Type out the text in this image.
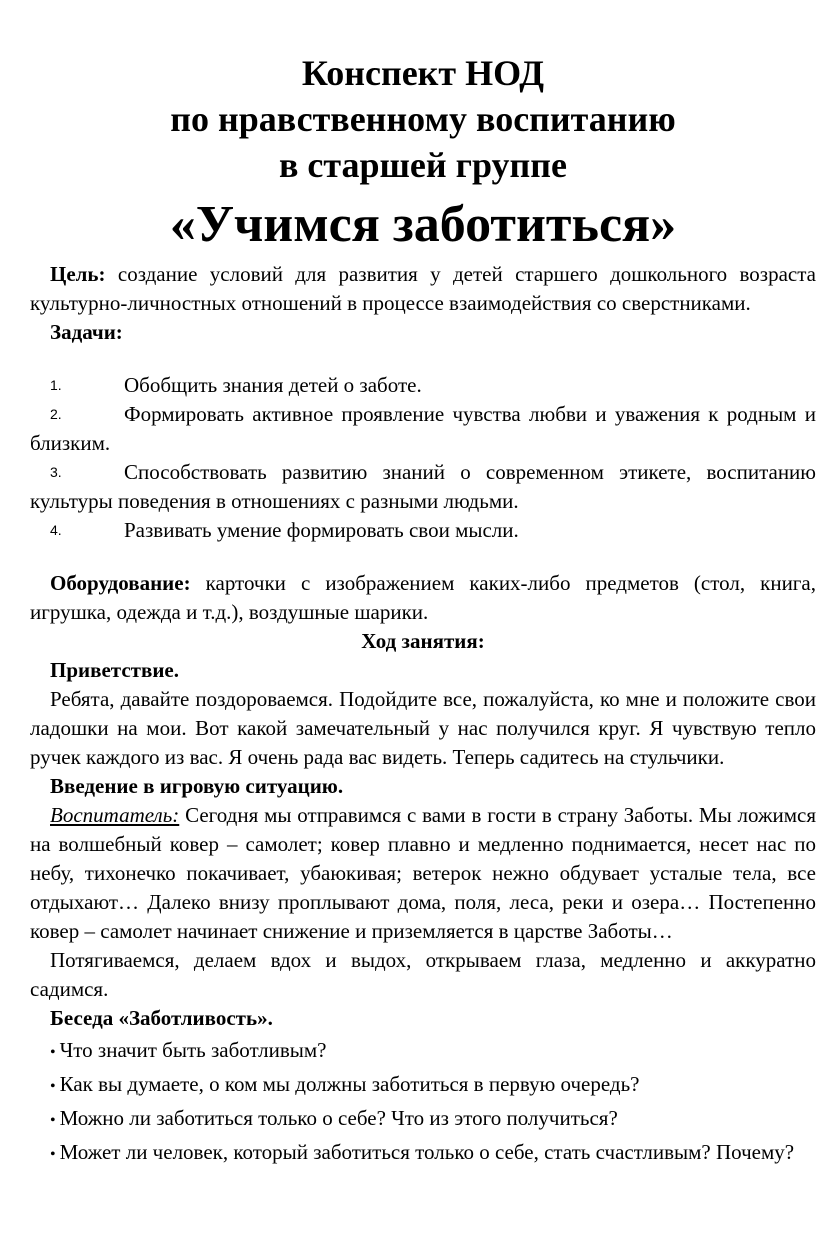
Конспект НОД
по нравственному воспитанию
в старшей группе
«Учимся заботиться»

Цель: создание условий для развития у детей старшего дошкольного возраста культурно-личностных отношений в процессе взаимодействия со сверстниками.

Задачи:

1.	Обобщить знания детей о заботе.

2.	Формировать активное проявление чувства любви и уважения к родным и близким.

3.	Способствовать развитию знаний о современном этикете, воспитанию культуры поведения в отношениях с разными людьми.

4.	Развивать умение формировать свои мысли.

Оборудование: карточки с изображением каких-либо предметов (стол, книга, игрушка, одежда и т.д.), воздушные шарики.

Ход занятия:

Приветствие.

Ребята, давайте поздороваемся. Подойдите все, пожалуйста, ко мне и положите свои ладошки на мои. Вот какой замечательный у нас получился круг. Я чувствую тепло ручек каждого из вас. Я очень рада вас видеть. Теперь садитесь на стульчики.

Введение в игровую ситуацию.

Воспитатель: Сегодня мы отправимся с вами в гости в страну Заботы. Мы ложимся на волшебный ковер – самолет; ковер плавно и медленно поднимается, несет нас по небу, тихонечко покачивает, убаюкивая; ветерок нежно обдувает усталые тела, все отдыхают… Далеко внизу проплывают дома, поля, леса, реки и озера… Постепенно ковер – самолет начинает снижение и приземляется в царстве Заботы…

Потягиваемся, делаем вдох и выдох, открываем глаза, медленно и аккуратно садимся.

Беседа «Заботливость».

• Что значит быть заботливым?

• Как вы думаете, о ком мы должны заботиться в первую очередь?

• Можно ли заботиться только о себе? Что из этого получиться?

• Может ли человек, который заботиться только о себе, стать счастливым? Почему?
